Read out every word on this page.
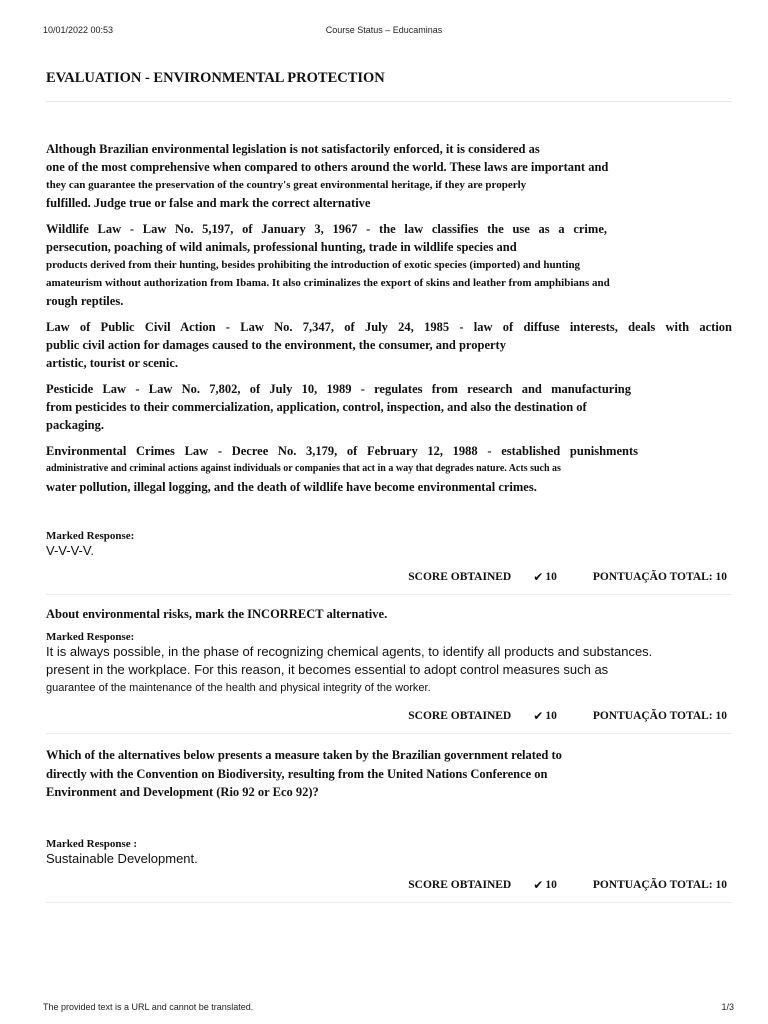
Course Status – Educaminas
10/01/2022 00:53
EVALUATION - ENVIRONMENTAL PROTECTION

Although Brazilian environmental legislation is not satisfactorily enforced, it is considered as
one of the most comprehensive when compared to others around the world. These laws are important and
they can guarantee the preservation of the country's great environmental heritage, if they are properly
fulfilled. Judge true or false and mark the correct alternative

Wildlife Law - Law No. 5,197, of January 3, 1967 - the law classifies the use as a crime,
persecution, poaching of wild animals, professional hunting, trade in wildlife species and
products derived from their hunting, besides prohibiting the introduction of exotic species (imported) and hunting
amateurism without authorization from Ibama. It also criminalizes the export of skins and leather from amphibians and
rough reptiles.

Law of Public Civil Action - Law No. 7,347, of July 24, 1985 - law of diffuse interests, deals with action
public civil action for damages caused to the environment, the consumer, and property
artistic, tourist or scenic.

Pesticide Law - Law No. 7,802, of July 10, 1989 - regulates from research and manufacturing
from pesticides to their commercialization, application, control, inspection, and also the destination of
packaging.

Environmental Crimes Law - Decree No. 3,179, of February 12, 1988 - established punishments
administrative and criminal actions against individuals or companies that act in a way that degrades nature. Acts such as
water pollution, illegal logging, and the death of wildlife have become environmental crimes.

Marked Response:
V-V-V-V.
SCORE OBTAINED ✔ 10	PONTUAÇÃO TOTAL: 10
About environmental risks, mark the INCORRECT alternative.
Marked Response:
It is always possible, in the phase of recognizing chemical agents, to identify all products and substances.
present in the workplace. For this reason, it becomes essential to adopt control measures such as
guarantee of the maintenance of the health and physical integrity of the worker.
SCORE OBTAINED ✔ 10	PONTUAÇÃO TOTAL: 10
Which of the alternatives below presents a measure taken by the Brazilian government related to
directly with the Convention on Biodiversity, resulting from the United Nations Conference on
Environment and Development (Rio 92 or Eco 92)?
Marked Response :
Sustainable Development.
SCORE OBTAINED ✔ 10	PONTUAÇÃO TOTAL: 10
The provided text is a URL and cannot be translated.	1/3
